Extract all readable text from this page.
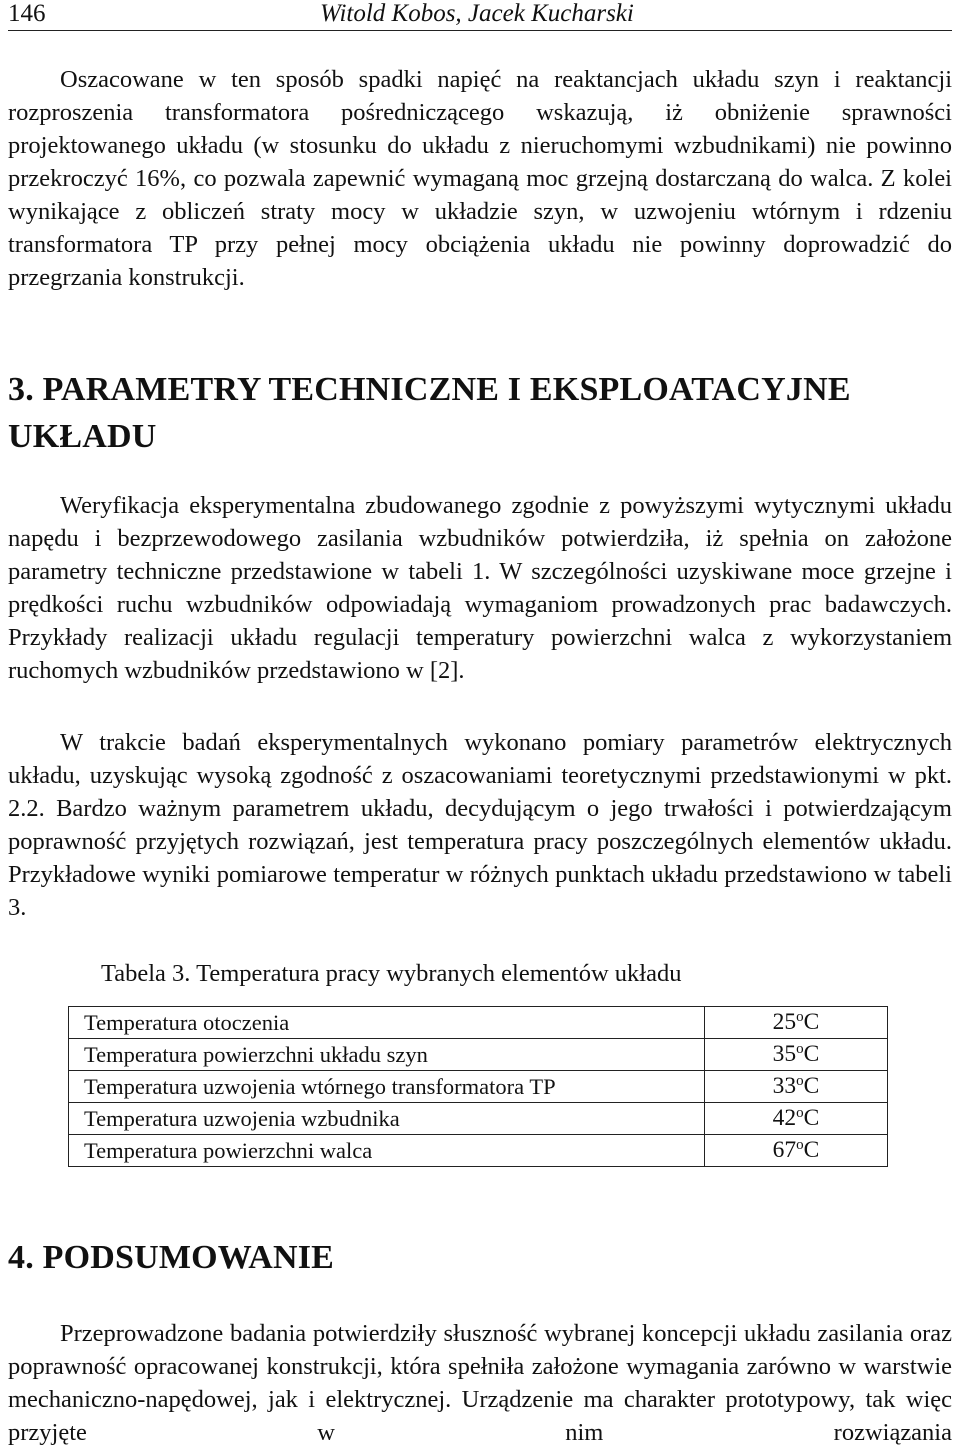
146	Witold Kobos, Jacek Kucharski

Oszacowane w ten sposób spadki napięć na reaktancjach układu szyn i reaktancji rozproszenia transformatora pośredniczącego wskazują, iż obniżenie sprawności projektowanego układu (w stosunku do układu z nieruchomymi wzbudnikami) nie powinno przekroczyć 16%, co pozwala zapewnić wymaganą moc grzejną dostarczaną do walca. Z kolei wynikające z obliczeń straty mocy w układzie szyn, w uzwojeniu wtórnym i rdzeniu transformatora TP przy pełnej mocy obciążenia układu nie powinny doprowadzić do przegrzania konstrukcji.

3. PARAMETRY TECHNICZNE I EKSPLOATACYJNE UKŁADU

Weryfikacja eksperymentalna zbudowanego zgodnie z powyższymi wytycznymi układu napędu i bezprzewodowego zasilania wzbudników potwierdziła, iż spełnia on założone parametry techniczne przedstawione w tabeli 1. W szczególności uzyskiwane moce grzejne i prędkości ruchu wzbudników odpowiadają wymaganiom prowadzonych prac badawczych. Przykłady realizacji układu regulacji temperatury powierzchni walca z wykorzystaniem ruchomych wzbudników przedstawiono w [2].

W trakcie badań eksperymentalnych wykonano pomiary parametrów elektrycznych układu, uzyskując wysoką zgodność z oszacowaniami teoretycznymi przedstawionymi w pkt. 2.2. Bardzo ważnym parametrem układu, decydującym o jego trwałości i potwierdzającym poprawność przyjętych rozwiązań, jest temperatura pracy poszczególnych elementów układu. Przykładowe wyniki pomiarowe temperatur w różnych punktach układu przedstawiono w tabeli 3.

Tabela 3. Temperatura pracy wybranych elementów układu

Temperatura otoczenia	25$^o$C
Temperatura powierzchni układu szyn	35$^o$C
Temperatura uzwojenia wtórnego transformatora TP	33$^o$C
Temperatura uzwojenia wzbudnika	42$^o$C
Temperatura powierzchni walca	67$^o$C
4. PODSUMOWANIE

Przeprowadzone badania potwierdziły słuszność wybranej koncepcji układu zasilania oraz poprawność opracowanej konstrukcji, która spełniła założone wymagania zarówno w warstwie mechaniczno-napędowej, jak i elektrycznej. Urządzenie ma charakter prototypowy, tak więc przyjęte w nim rozwiązania
